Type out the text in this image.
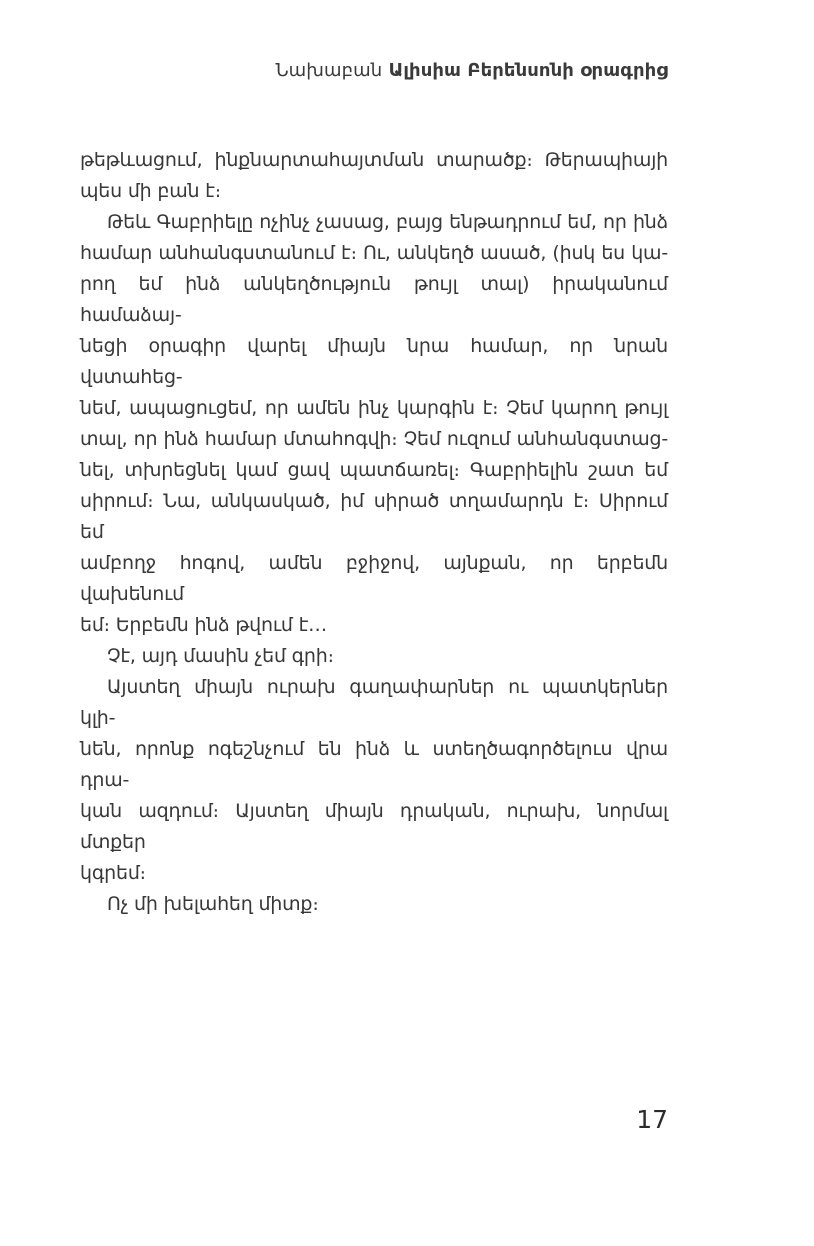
Նախաբան Ալիսիա Բերենսոնի օրագրից
թեթևացում, ինքնարտահայտման տարածք։ Թերապիայի
պես մի բան է։
Թեև Գաբրիելը ոչինչ չասաց, բայց ենթադրում եմ, որ ինձ
համար անհանգստանում է։ Ու, անկեղծ ասած, (իսկ ես կա-
րող եմ ինձ անկեղծություն թույլ տալ) իրականում համաձայ-
նեցի օրագիր վարել միայն նրա համար, որ նրան վստահեց-
նեմ, ապացուցեմ, որ ամեն ինչ կարգին է։ Չեմ կարող թույլ
տալ, որ ինձ համար մտահոգվի։ Չեմ ուզում անհանգստաց-
նել, տխրեցնել կամ ցավ պատճառել։ Գաբրիելին շատ եմ
սիրում։ Նա, անկասկած, իմ սիրած տղամարդն է։ Սիրում եմ
ամբողջ հոգով, ամեն բջիջով, այնքան, որ երբեմն վախենում
եմ։ Երբեմն ինձ թվում է…
Չէ, այդ մասին չեմ գրի։
Այստեղ միայն ուրախ գաղափարներ ու պատկերներ կլի-
նեն, որոնք ոգեշնչում են ինձ և ստեղծագործելուս վրա դրա-
կան ազդում։ Այստեղ միայն դրական, ուրախ, նորմալ մտքեր
կգրեմ։
Ոչ մի խելահեղ միտք։
17
